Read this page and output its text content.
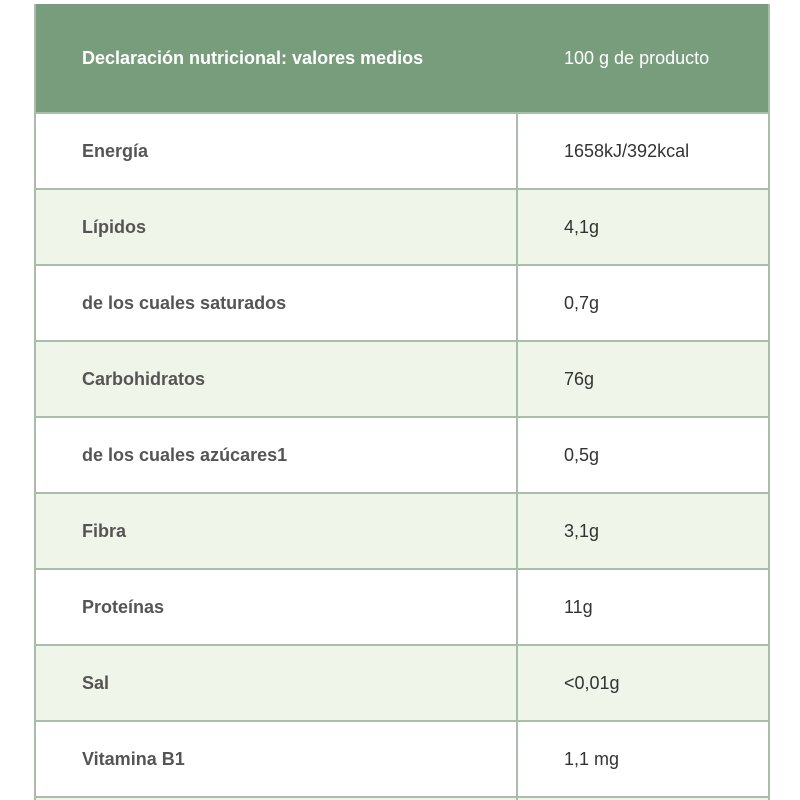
Declaración nutricional: valores medios	100 g de producto
Energía	1658kJ/392kcal
Lípidos	4,1g
de los cuales saturados	0,7g
Carbohidratos	76g
de los cuales azúcares1	0,5g
Fibra	3,1g
Proteínas	11g
Sal	<0,01g
Vitamina B1	1,1 mg
